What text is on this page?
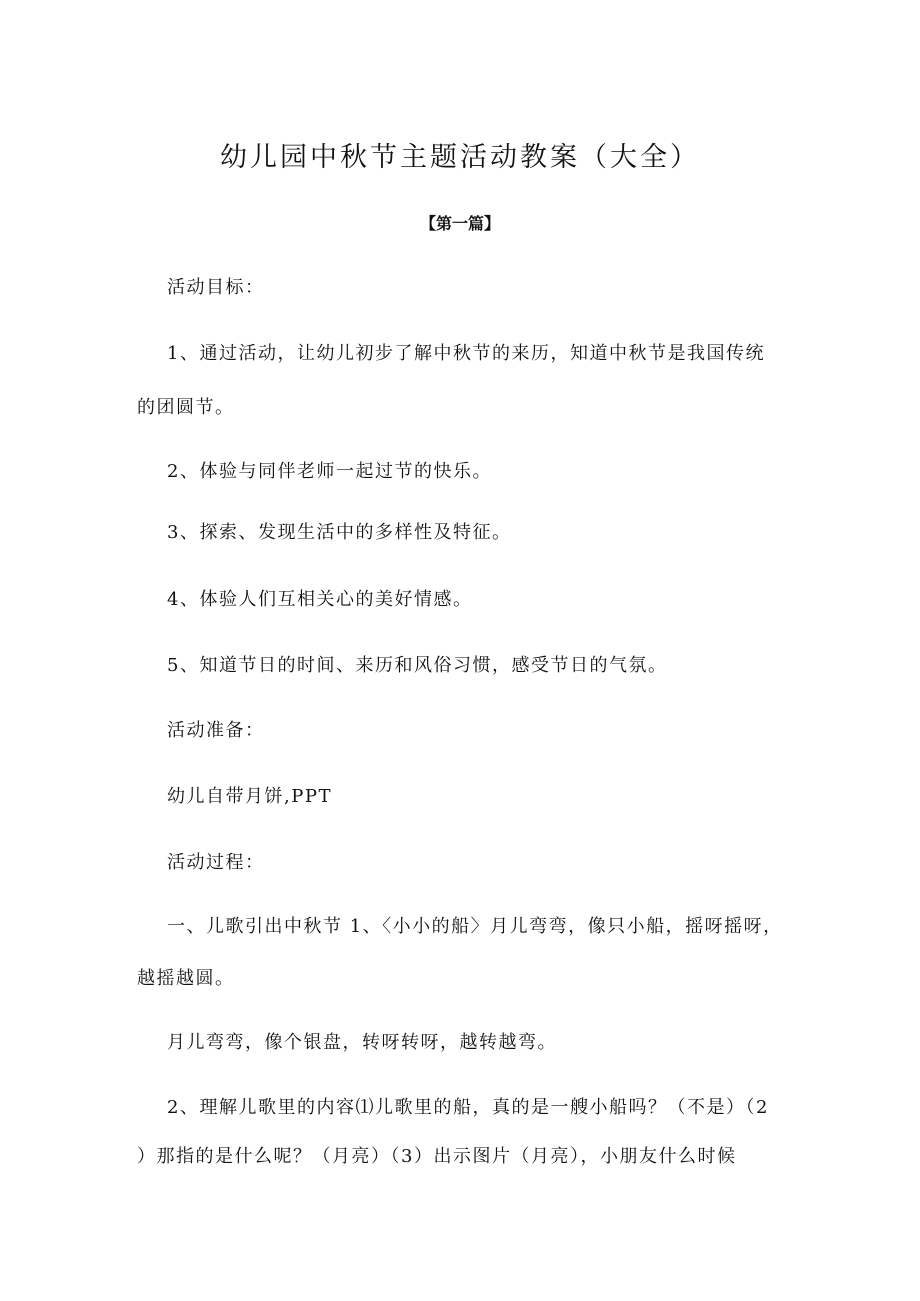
幼儿园中秋节主题活动教案（大全）
【第一篇】
活动目标：
1、通过活动，让幼儿初步了解中秋节的来历，知道中秋节是我国传统
的团圆节。
2、体验与同伴老师一起过节的快乐。
3、探索、发现生活中的多样性及特征。
4、体验人们互相关心的美好情感。
5、知道节日的时间、来历和风俗习惯，感受节日的气氛。
活动准备：
幼儿自带月饼,PPT
活动过程：
一、儿歌引出中秋节 1、〈小小的船〉月儿弯弯，像只小船，摇呀摇呀，
越摇越圆。
月儿弯弯，像个银盘，转呀转呀，越转越弯。
2、理解儿歌里的内容⑴儿歌里的船，真的是一艘小船吗？（不是）（2
）那指的是什么呢？（月亮）（3）出示图片（月亮），小朋友什么时候
